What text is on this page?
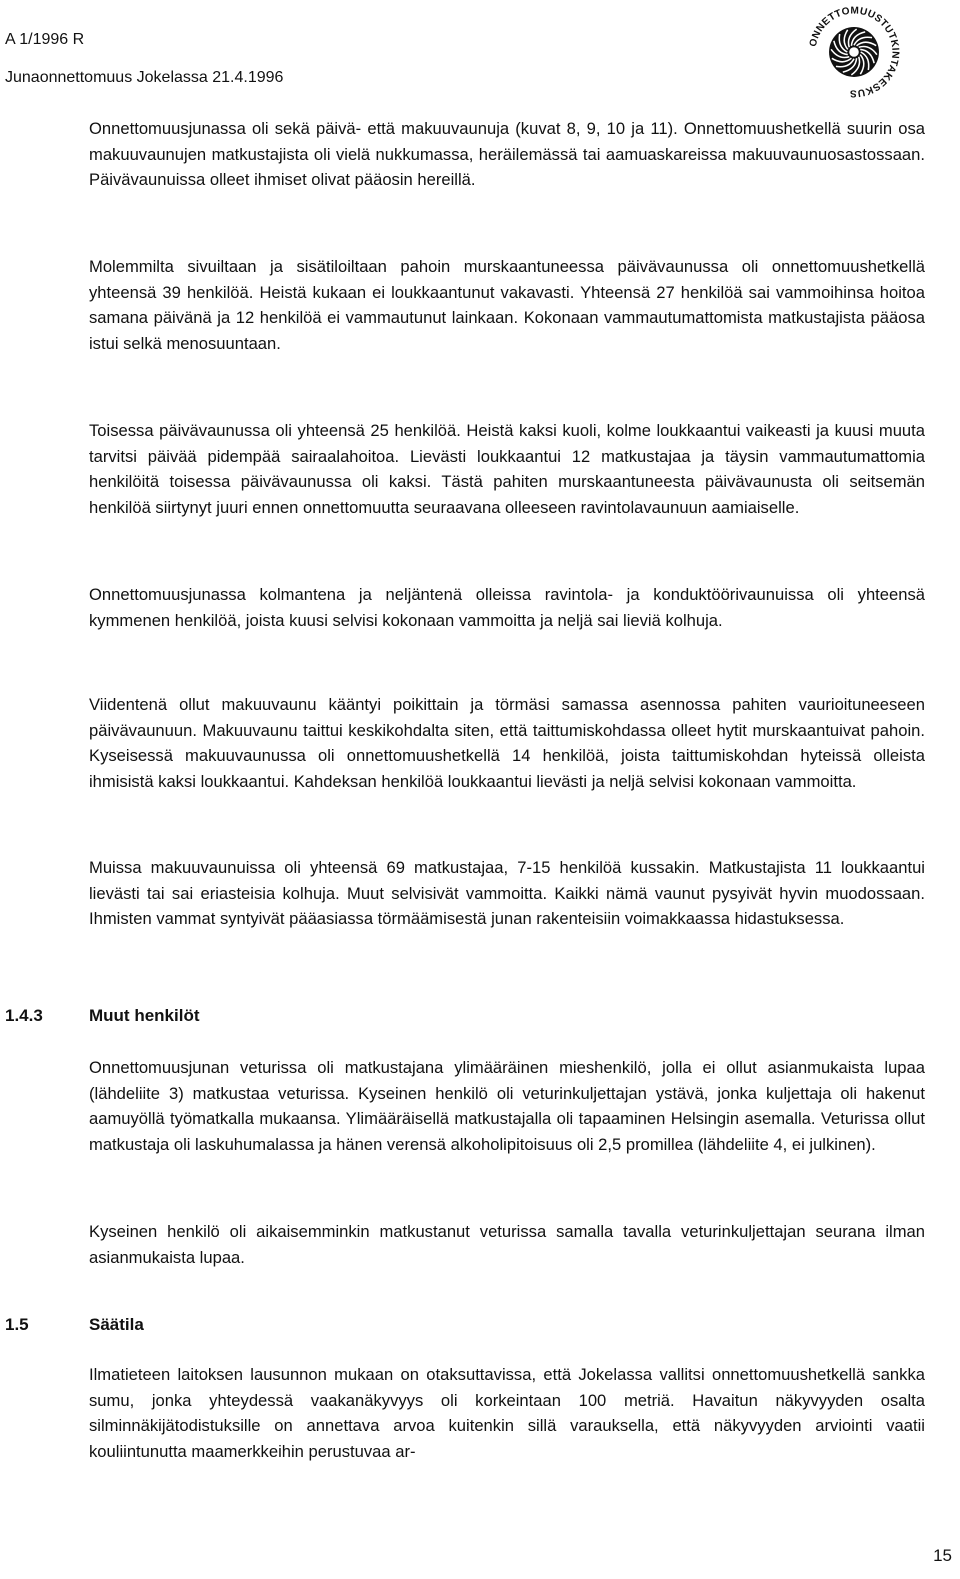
A 1/1996 R
Junaonnettomuus Jokelassa 21.4.1996
ONNETTOMUUSTUTKINTAKESKUS

Onnettomuusjunassa oli sekä päivä- että makuuvaunuja (kuvat 8, 9, 10 ja 11). Onnettomuushetkellä suurin osa makuuvaunujen matkustajista oli vielä nukkumassa, heräilemässä tai aamuaskareissa makuuvaunuosastossaan. Päivävaunuissa olleet ihmiset olivat pääosin hereillä.

Molemmilta sivuiltaan ja sisätiloiltaan pahoin murskaantuneessa päivävaunussa oli onnettomuushetkellä yhteensä 39 henkilöä. Heistä kukaan ei loukkaantunut vakavasti. Yhteensä 27 henkilöä sai vammoihinsa hoitoa samana päivänä ja 12 henkilöä ei vammautunut lainkaan. Kokonaan vammautumattomista matkustajista pääosa istui selkä menosuuntaan.

Toisessa päivävaunussa oli yhteensä 25 henkilöä. Heistä kaksi kuoli, kolme loukkaantui vaikeasti ja kuusi muuta tarvitsi päivää pidempää sairaalahoitoa. Lievästi loukkaantui 12 matkustajaa ja täysin vammautumattomia henkilöitä toisessa päivävaunussa oli kaksi. Tästä pahiten murskaantuneesta päivävaunusta oli seitsemän henkilöä siirtynyt juuri ennen onnettomuutta seuraavana olleeseen ravintolavaunuun aamiaiselle.

Onnettomuusjunassa kolmantena ja neljäntenä olleissa ravintola- ja konduktöörivaunuissa oli yhteensä kymmenen henkilöä, joista kuusi selvisi kokonaan vammoitta ja neljä sai lieviä kolhuja.

Viidentenä ollut makuuvaunu kääntyi poikittain ja törmäsi samassa asennossa pahiten vaurioituneeseen päivävaunuun. Makuuvaunu taittui keskikohdalta siten, että taittumiskohdassa olleet hytit murskaantuivat pahoin. Kyseisessä makuuvaunussa oli onnettomuushetkellä 14 henkilöä, joista taittumiskohdan hyteissä olleista ihmisistä kaksi loukkaantui. Kahdeksan henkilöä loukkaantui lievästi ja neljä selvisi kokonaan vammoitta.

Muissa makuuvaunuissa oli yhteensä 69 matkustajaa, 7-15 henkilöä kussakin. Matkustajista 11 loukkaantui lievästi tai sai eriasteisia kolhuja. Muut selvisivät vammoitta. Kaikki nämä vaunut pysyivät hyvin muodossaan. Ihmisten vammat syntyivät pääasiassa törmäämisestä junan rakenteisiin voimakkaassa hidastuksessa.

1.4.3	Muut henkilöt

Onnettomuusjunan veturissa oli matkustajana ylimääräinen mieshenkilö, jolla ei ollut asianmukaista lupaa (lähdeliite 3) matkustaa veturissa. Kyseinen henkilö oli veturinkuljettajan ystävä, jonka kuljettaja oli hakenut aamuyöllä työmatkalla mukaansa. Ylimääräisellä matkustajalla oli tapaaminen Helsingin asemalla. Veturissa ollut matkustaja oli laskuhumalassa ja hänen verensä alkoholipitoisuus oli 2,5 promillea (lähdeliite 4, ei julkinen).

Kyseinen henkilö oli aikaisemminkin matkustanut veturissa samalla tavalla veturinkuljettajan seurana ilman asianmukaista lupaa.

1.5	Säätila

Ilmatieteen laitoksen lausunnon mukaan on otaksuttavissa, että Jokelassa vallitsi onnettomuushetkellä sankka sumu, jonka yhteydessä vaakanäkyvyys oli korkeintaan 100 metriä. Havaitun näkyvyyden osalta silminnäkijätodistuksille on annettava arvoa kuitenkin sillä varauksella, että näkyvyyden arviointi vaatii kouliintunutta maamerkkeihin perustuvaa ar-

15
